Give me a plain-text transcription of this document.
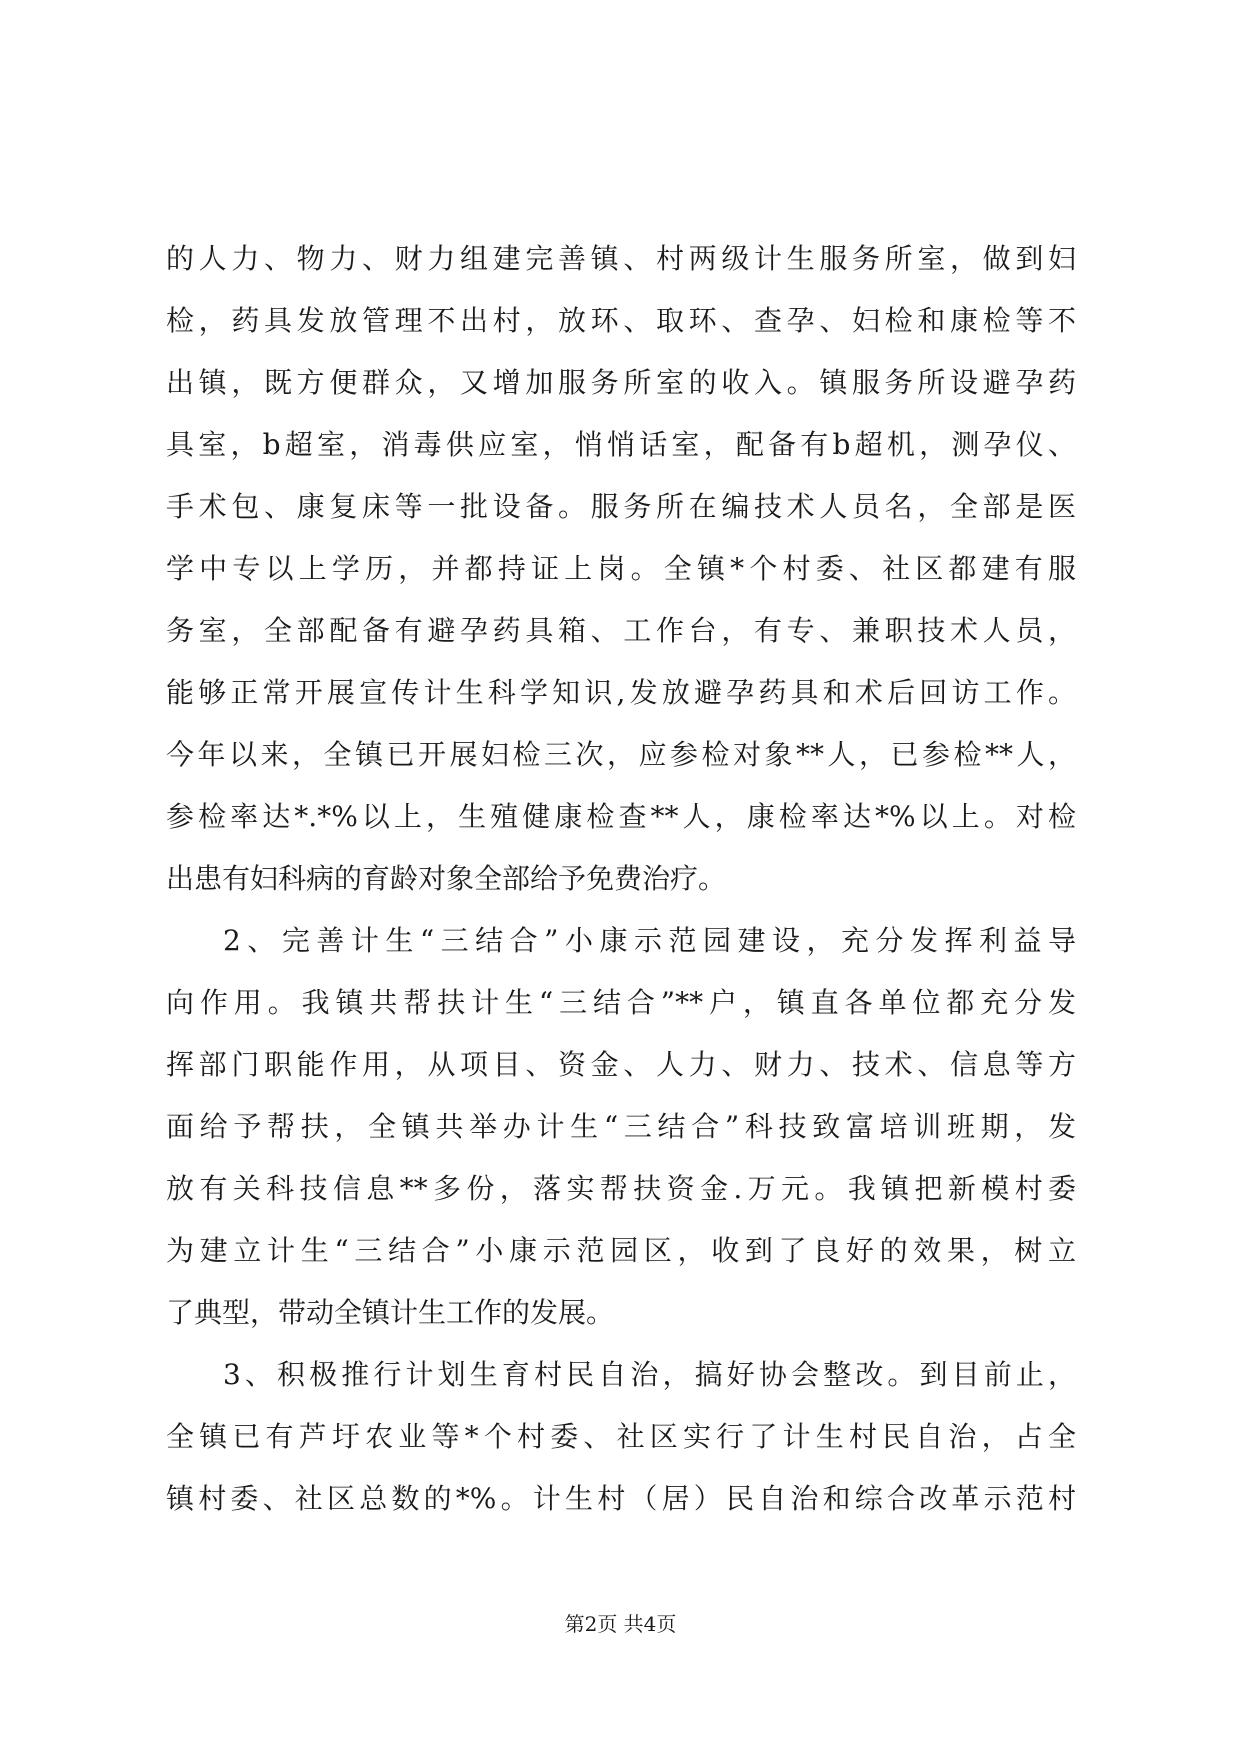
的人力、物力、财力组建完善镇、村两级计生服务所室，做到妇
检，药具发放管理不出村，放环、取环、查孕、妇检和康检等不
出镇，既方便群众，又增加服务所室的收入。镇服务所设避孕药
具室，b超室，消毒供应室，悄悄话室，配备有b超机，测孕仪、
手术包、康复床等一批设备。服务所在编技术人员名，全部是医
学中专以上学历，并都持证上岗。全镇*个村委、社区都建有服
务室，全部配备有避孕药具箱、工作台，有专、兼职技术人员，
能够正常开展宣传计生科学知识,发放避孕药具和术后回访工作。
今年以来，全镇已开展妇检三次，应参检对象**人，已参检**人，
参检率达*.*%以上，生殖健康检查**人，康检率达*%以上。对检
出患有妇科病的育龄对象全部给予免费治疗。
2、完善计生“三结合”小康示范园建设，充分发挥利益导
向作用。我镇共帮扶计生“三结合”**户，镇直各单位都充分发
挥部门职能作用，从项目、资金、人力、财力、技术、信息等方
面给予帮扶，全镇共举办计生“三结合”科技致富培训班期，发
放有关科技信息**多份，落实帮扶资金.万元。我镇把新模村委
为建立计生“三结合”小康示范园区，收到了良好的效果，树立
了典型，带动全镇计生工作的发展。
3、积极推行计划生育村民自治，搞好协会整改。到目前止，
全镇已有芦圩农业等*个村委、社区实行了计生村民自治，占全
镇村委、社区总数的*%。计生村（居）民自治和综合改革示范村
第2页 共4页
